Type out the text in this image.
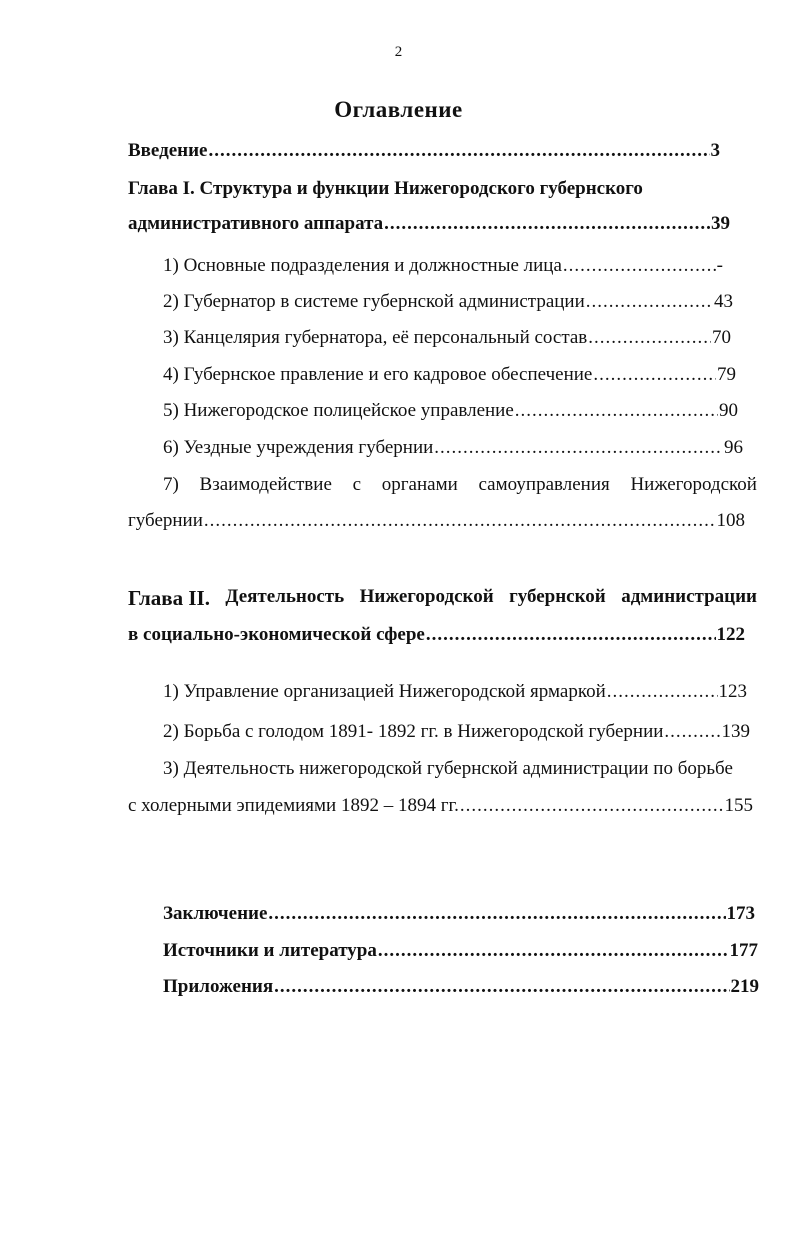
2
Оглавление
Введение .....	3
Глава I. Структура и функции Нижегородского губернского
административного аппарата .....	39
1) Основные подразделения и должностные лица .....	-
2) Губернатор в системе губернской администрации .....	43
3) Канцелярия губернатора, её персональный состав .....	70
4) Губернское правление и его кадровое обеспечение .....	79
5) Нижегородское полицейское управление .....	90
6) Уездные учреждения губернии .....	96
7) Взаимодействие с органами самоуправления Нижегородской
губернии .....	108
Глава II. Деятельность Нижегородской губернской администрации
в социально-экономической сфере .....	122
1) Управление организацией Нижегородской ярмаркой .....	123
2) Борьба с голодом 1891- 1892 гг. в Нижегородской губернии .....	139
3) Деятельность нижегородской губернской администрации по борьбе
с холерными эпидемиями 1892 – 1894 гг. .....	155
Заключение .....	173
Источники и литература .....	177
Приложения .....	219
